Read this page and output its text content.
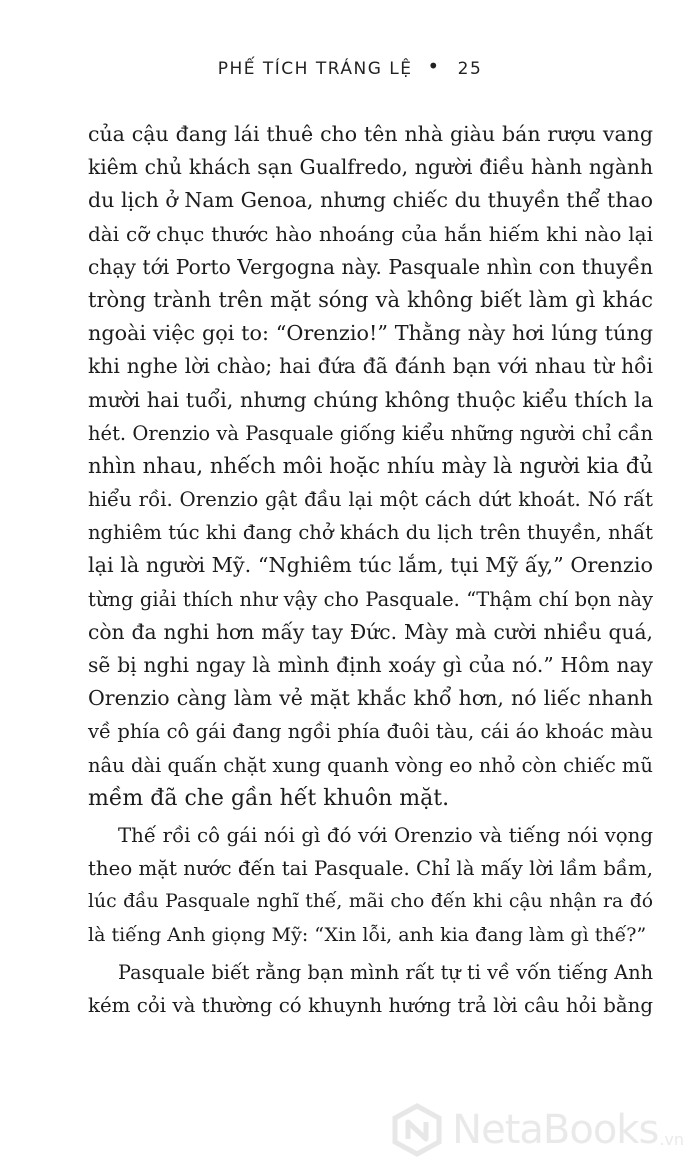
PHẾ TÍCH TRÁNG LỆ • 25
của cậu đang lái thuê cho tên nhà giàu bán rượu vang
kiêm chủ khách sạn Gualfredo, người điều hành ngành
du lịch ở Nam Genoa, nhưng chiếc du thuyền thể thao
dài cỡ chục thước hào nhoáng của hắn hiếm khi nào lại
chạy tới Porto Vergogna này. Pasquale nhìn con thuyền
tròng trành trên mặt sóng và không biết làm gì khác
ngoài việc gọi to: “Orenzio!” Thằng này hơi lúng túng
khi nghe lời chào; hai đứa đã đánh bạn với nhau từ hồi
mười hai tuổi, nhưng chúng không thuộc kiểu thích la
hét. Orenzio và Pasquale giống kiểu những người chỉ cần
nhìn nhau, nhếch môi hoặc nhíu mày là người kia đủ
hiểu rồi. Orenzio gật đầu lại một cách dứt khoát. Nó rất
nghiêm túc khi đang chở khách du lịch trên thuyền, nhất
lại là người Mỹ. “Nghiêm túc lắm, tụi Mỹ ấy,” Orenzio
từng giải thích như vậy cho Pasquale. “Thậm chí bọn này
còn đa nghi hơn mấy tay Đức. Mày mà cười nhiều quá,
sẽ bị nghi ngay là mình định xoáy gì của nó.” Hôm nay
Orenzio càng làm vẻ mặt khắc khổ hơn, nó liếc nhanh
về phía cô gái đang ngồi phía đuôi tàu, cái áo khoác màu
nâu dài quấn chặt xung quanh vòng eo nhỏ còn chiếc mũ
mềm đã che gần hết khuôn mặt.
Thế rồi cô gái nói gì đó với Orenzio và tiếng nói vọng
theo mặt nước đến tai Pasquale. Chỉ là mấy lời lầm bầm,
lúc đầu Pasquale nghĩ thế, mãi cho đến khi cậu nhận ra đó
là tiếng Anh giọng Mỹ: “Xin lỗi, anh kia đang làm gì thế?”
Pasquale biết rằng bạn mình rất tự ti về vốn tiếng Anh
kém cỏi và thường có khuynh hướng trả lời câu hỏi bằng
NetaBooks .vn
